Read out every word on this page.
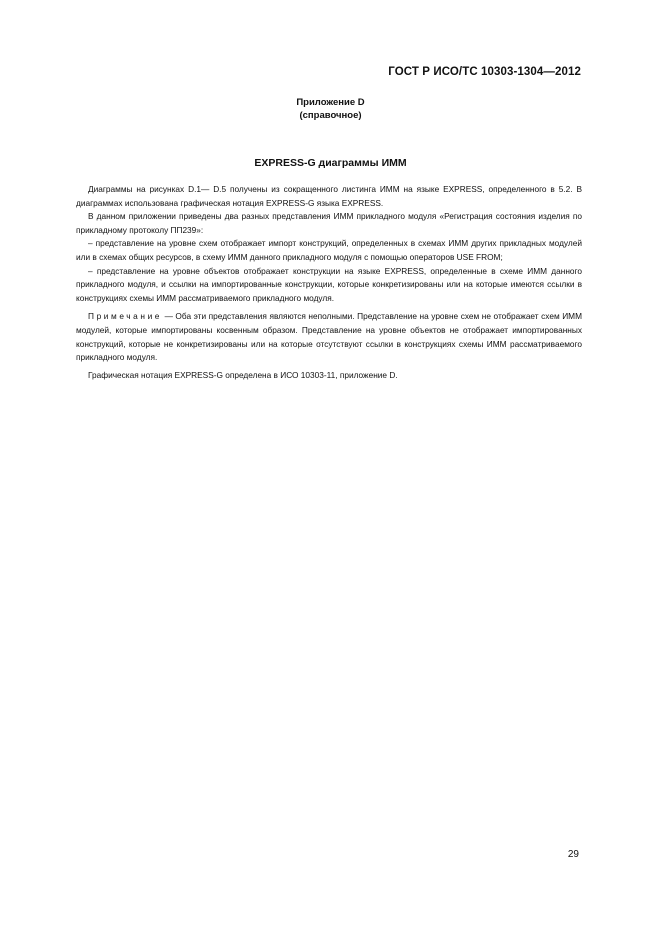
ГОСТ Р ИСО/ТС 10303-1304—2012
Приложение D
(справочное)
EXPRESS-G диаграммы ИММ

Диаграммы на рисунках D.1— D.5 получены из сокращенного листинга ИММ на языке EXPRESS, определенного в 5.2. В диаграммах использована графическая нотация EXPRESS-G языка EXPRESS.

В данном приложении приведены два разных представления ИММ прикладного модуля «Регистрация состояния изделия по прикладному протоколу ПП239»:

– представление на уровне схем отображает импорт конструкций, определенных в схемах ИММ других прикладных модулей или в схемах общих ресурсов, в схему ИММ данного прикладного модуля с помощью операторов USE FROM;

– представление на уровне объектов отображает конструкции на языке EXPRESS, определенные в схеме ИММ данного прикладного модуля, и ссылки на импортированные конструкции, которые конкретизированы или на которые имеются ссылки в конструкциях схемы ИММ рассматриваемого прикладного модуля.

Примечание — Оба эти представления являются неполными. Представление на уровне схем не отображает схем ИММ модулей, которые импортированы косвенным образом. Представление на уровне объектов не отображает импортированных конструкций, которые не конкретизированы или на которые отсутствуют ссылки в конструкциях схемы ИММ рассматриваемого прикладного модуля.

Графическая нотация EXPRESS-G определена в ИСО 10303-11, приложение D.

29
